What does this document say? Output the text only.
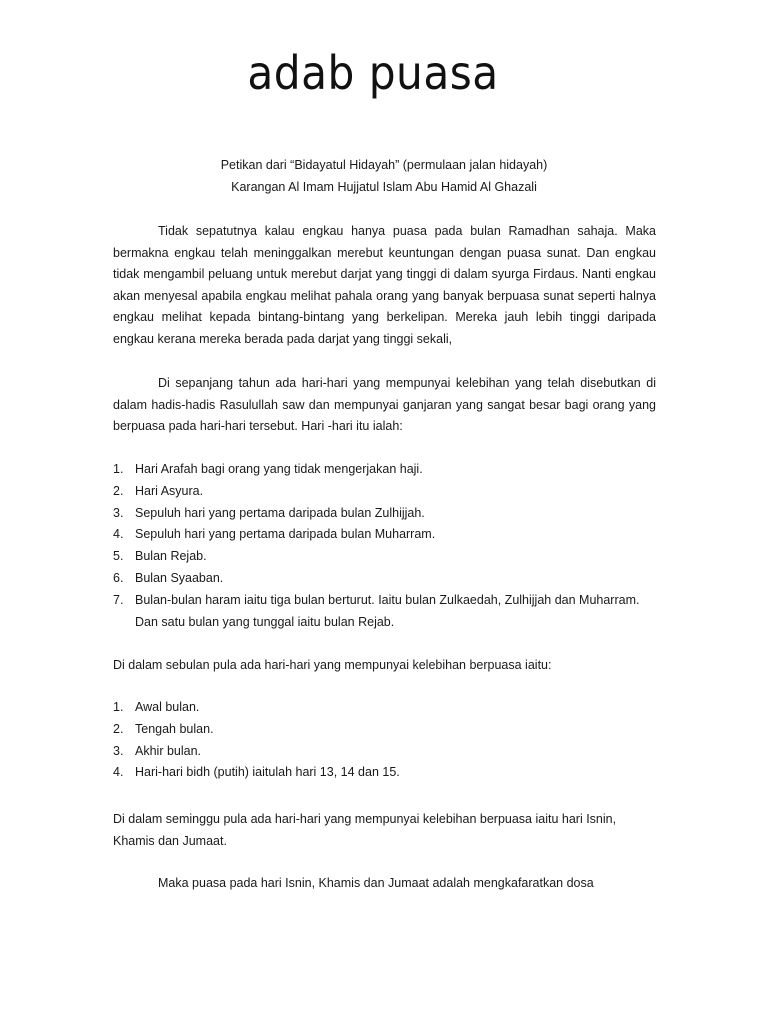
adab puasa
Petikan dari “Bidayatul Hidayah” (permulaan jalan hidayah)
Karangan Al Imam Hujjatul Islam Abu Hamid Al Ghazali

Tidak sepatutnya kalau engkau hanya puasa pada bulan Ramadhan sahaja. Maka bermakna engkau telah meninggalkan merebut keuntungan dengan puasa sunat. Dan engkau tidak mengambil peluang untuk merebut darjat yang tinggi di dalam syurga Firdaus. Nanti engkau akan menyesal apabila engkau melihat pahala orang yang banyak berpuasa sunat seperti halnya engkau melihat kepada bintang-bintang yang berkelipan. Mereka jauh lebih tinggi daripada engkau kerana mereka berada pada darjat yang tinggi sekali,

Di sepanjang tahun ada hari-hari yang mempunyai kelebihan yang telah disebutkan di dalam hadis-hadis Rasulullah saw dan mempunyai ganjaran yang sangat besar bagi orang yang berpuasa pada hari-hari tersebut. Hari -hari itu ialah:

1. Hari Arafah bagi orang yang tidak mengerjakan haji.
2. Hari Asyura.
3. Sepuluh hari yang pertama daripada bulan Zulhijjah.
4. Sepuluh hari yang pertama daripada bulan Muharram.
5. Bulan Rejab.
6. Bulan Syaaban.
7. Bulan-bulan haram iaitu tiga bulan berturut. Iaitu bulan Zulkaedah, Zulhijjah dan Muharram. Dan satu bulan yang tunggal iaitu bulan Rejab.

Di dalam sebulan pula ada hari-hari yang mempunyai kelebihan berpuasa iaitu:

1. Awal bulan.
2. Tengah bulan.
3. Akhir bulan.
4. Hari-hari bidh (putih) iaitulah hari 13, 14 dan 15.

Di dalam seminggu pula ada hari-hari yang mempunyai kelebihan berpuasa iaitu hari Isnin, Khamis dan Jumaat.

Maka puasa pada hari Isnin, Khamis dan Jumaat adalah mengkafaratkan dosa
